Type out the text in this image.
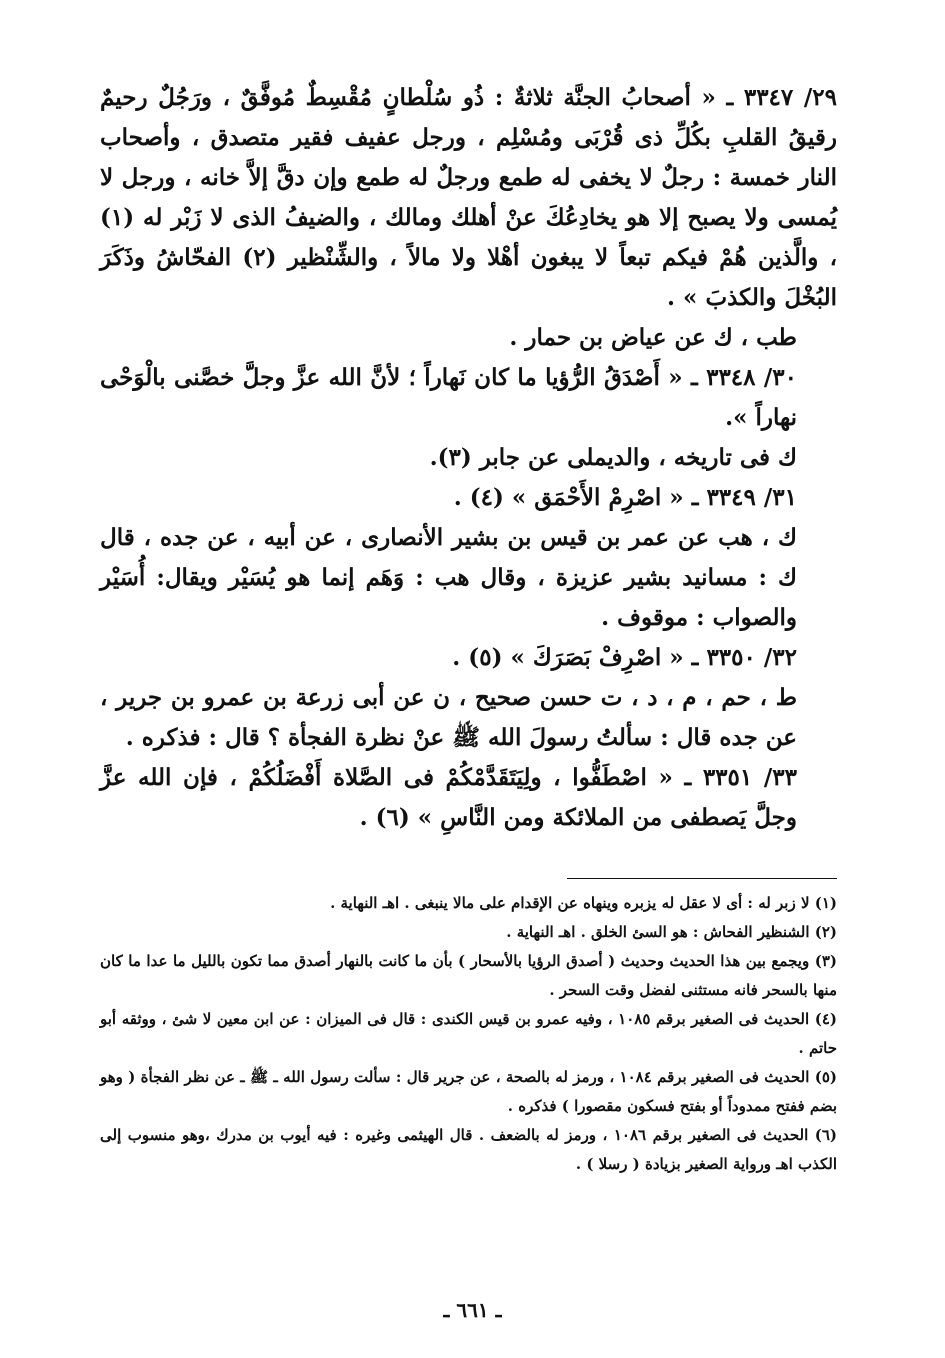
٢٩/ ٣٣٤٧ ـ « أصحابُ الجنَّة ثلاثةٌ : ذُو سُلْطانٍ مُقْسِطٌ مُوفَّقٌ ، ورَجُلٌ رحيمٌ رقيقُ القلبِ بكُلِّ ذى قُرْبَى ومُسْلِم ، ورجل عفيف فقير متصدق ، وأصحاب النار خمسة : رجلٌ لا يخفى له طمع ورجلٌ له طمع وإن دقَّ إلاَّ خانه ، ورجل لا يُمسى ولا يصبح إلا هو يخادِعُكَ عنْ أهلك ومالك ، والضيفُ الذى لا زَبْر له (١) ، والَّذين هُمْ فيكم تبعاً لا يبغون أهْلا ولا مالاً ، والشِّنْظير (٢) الفحّاشُ وذَكَرَ البُخْلَ والكذبَ » .

طب ، ك عن عياض بن حمار .

٣٠/ ٣٣٤٨ ـ « أَصْدَقُ الرُّؤيا ما كان نَهاراً ؛ لأنَّ الله عزَّ وجلَّ خصَّنى بالْوَحْى نهاراً ».

ك فى تاريخه ، والديملى عن جابر (٣).

٣١/ ٣٣٤٩ ـ « اصْرِمْ الأَحْمَق » (٤) .

ك ، هب عن عمر بن قيس بن بشير الأنصارى ، عن أبيه ، عن جده ، قال ك : مسانيد بشير عزيزة ، وقال هب : وَهَم إنما هو يُسَيْر ويقال: أُسَيْر والصواب : موقوف .

٣٢/ ٣٣٥٠ ـ « اصْرِفْ بَصَرَكَ » (٥) .

ط ، حم ، م ، د ، ت حسن صحيح ، ن عن أبى زرعة بن عمرو بن جرير ، عن جده قال : سألتُ رسولَ الله ﷺ عنْ نظرة الفجأة ؟ قال : فذكره .

٣٣/ ٣٣٥١ ـ « اصْطَفُّوا ، ولِيَتَقَدَّمْكُمْ فى الصَّلاة أَفْضَلُكُمْ ، فإن الله عزَّ وجلَّ يَصطفى من الملائكة ومن النَّاسِ » (٦) .

(١) لا زبر له : أى لا عقل له يزبره وينهاه عن الإقدام على مالا ينبغى . اهـ النهاية .

(٢) الشنظير الفحاش : هو السئ الخلق . اهـ النهاية .

(٣) ويجمع بين هذا الحديث وحديث ( أصدق الرؤيا بالأسحار ) بأن ما كانت بالنهار أصدق مما تكون بالليل ما عدا ما كان منها بالسحر فانه مستثنى لفضل وقت السحر .

(٤) الحديث فى الصغير برقم ١٠٨٥ ، وفيه عمرو بن قيس الكندى : قال فى الميزان : عن ابن معين لا شئ ، ووثقه أبو حاتم .

(٥) الحديث فى الصغير برقم ١٠٨٤ ، ورمز له بالصحة ، عن جرير قال : سألت رسول الله ـ ﷺ ـ عن نظر الفجأة ( وهو بضم ففتح ممدوداً أو بفتح فسكون مقصورا ) فذكره .

(٦) الحديث فى الصغير برقم ١٠٨٦ ، ورمز له بالضعف . قال الهيثمى وغيره : فيه أيوب بن مدرك ،وهو منسوب إلى الكذب اهـ ورواية الصغير بزيادة ( رسلا ) .

ـ ٦٦١ ـ
